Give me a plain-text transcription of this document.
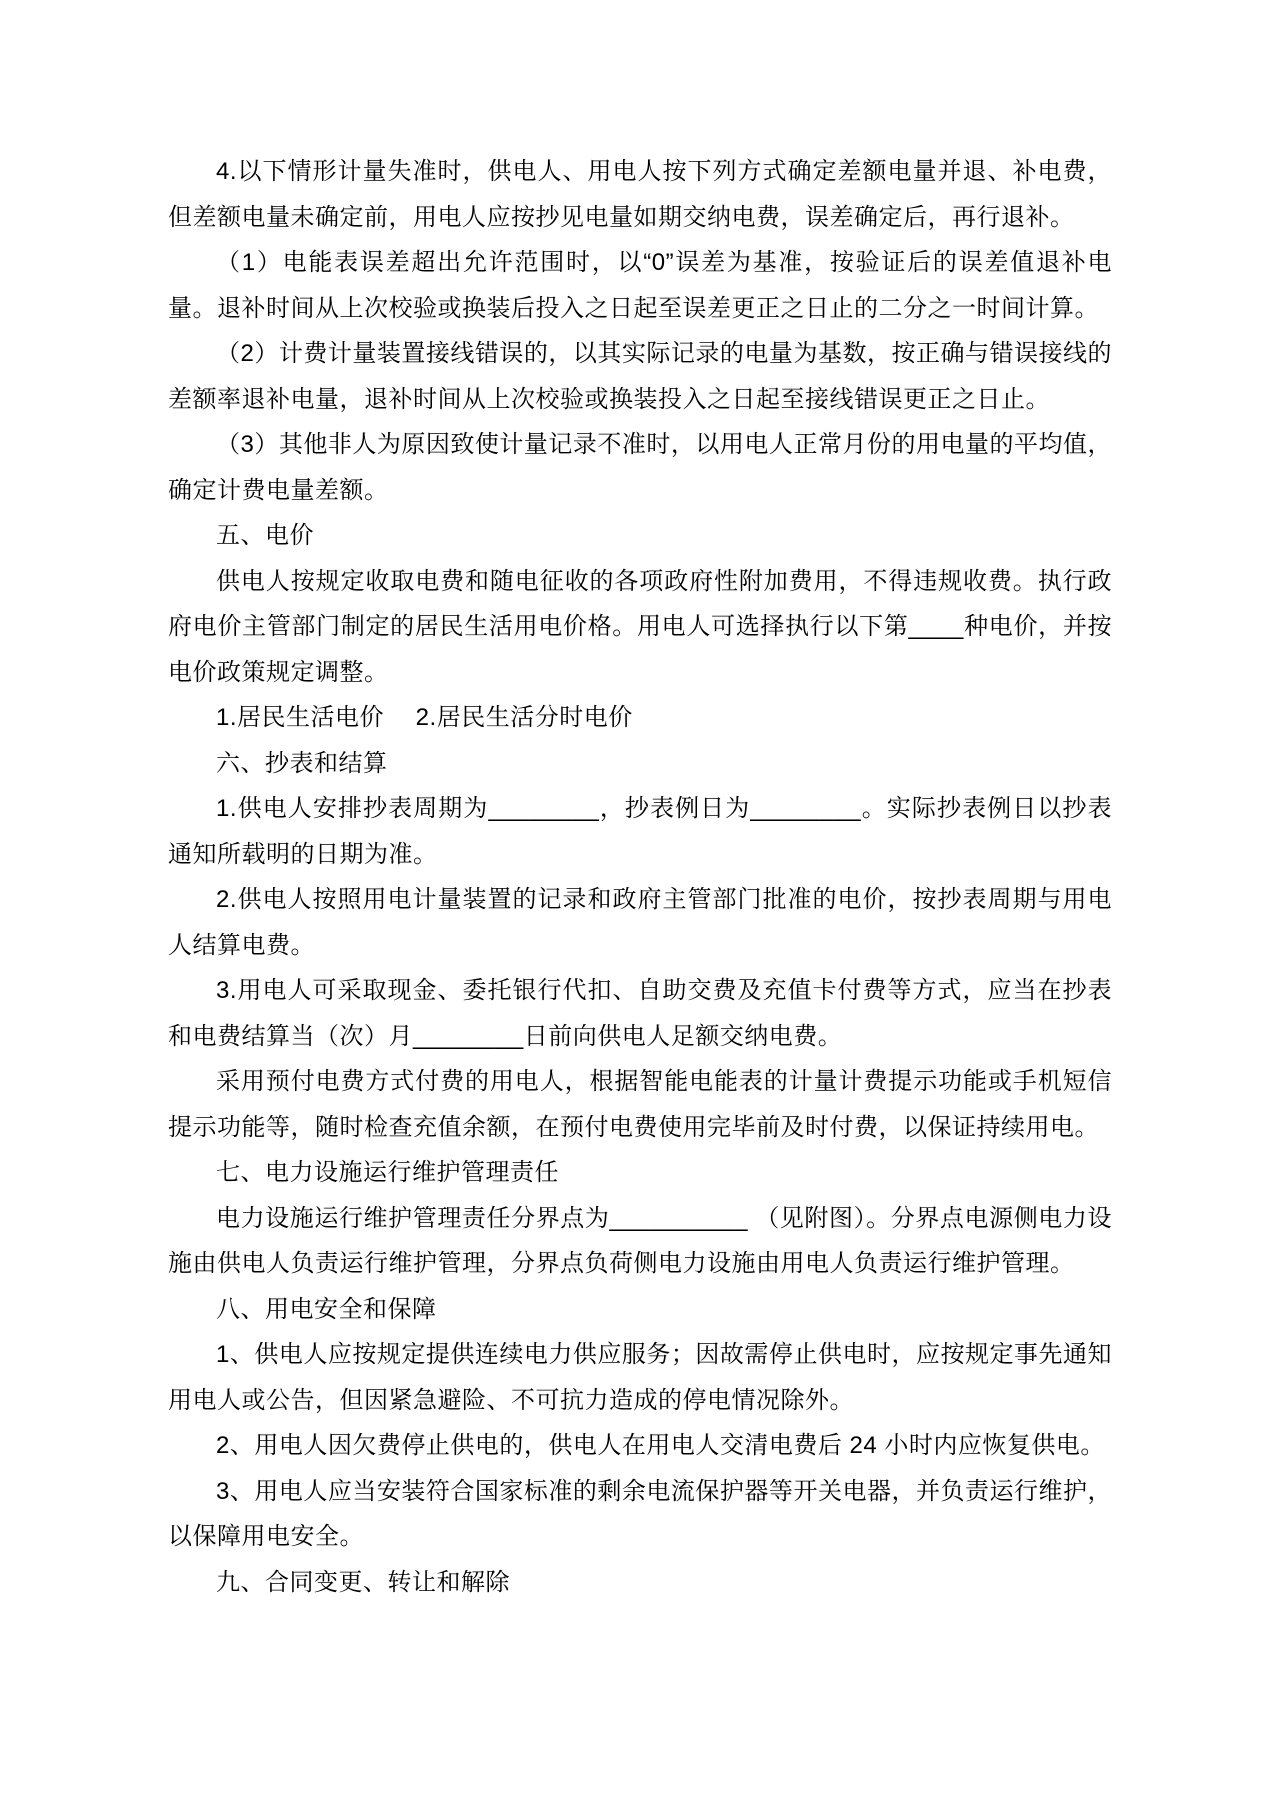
4.以下情形计量失准时，供电人、用电人按下列方式确定差额电量并退、补电费，但差额电量未确定前，用电人应按抄见电量如期交纳电费，误差确定后，再行退补。

（1）电能表误差超出允许范围时，以“0”误差为基准，按验证后的误差值退补电量。退补时间从上次校验或换装后投入之日起至误差更正之日止的二分之一时间计算。

（2）计费计量装置接线错误的，以其实际记录的电量为基数，按正确与错误接线的差额率退补电量，退补时间从上次校验或换装投入之日起至接线错误更正之日止。

（3）其他非人为原因致使计量记录不准时，以用电人正常月份的用电量的平均值，确定计费电量差额。

五、电价

供电人按规定收取电费和随电征收的各项政府性附加费用，不得违规收费。执行政府电价主管部门制定的居民生活用电价格。用电人可选择执行以下第____种电价，并按电价政策规定调整。

1.居民生活电价　 2.居民生活分时电价

六、抄表和结算

1.供电人安排抄表周期为________，抄表例日为________。实际抄表例日以抄表通知所载明的日期为准。

2.供电人按照用电计量装置的记录和政府主管部门批准的电价，按抄表周期与用电人结算电费。

3.用电人可采取现金、委托银行代扣、自助交费及充值卡付费等方式，应当在抄表和电费结算当（次）月________日前向供电人足额交纳电费。

采用预付电费方式付费的用电人，根据智能电能表的计量计费提示功能或手机短信提示功能等，随时检查充值余额，在预付电费使用完毕前及时付费，以保证持续用电。

七、电力设施运行维护管理责任

电力设施运行维护管理责任分界点为__________ （见附图）。分界点电源侧电力设施由供电人负责运行维护管理，分界点负荷侧电力设施由用电人负责运行维护管理。

八、用电安全和保障

1、供电人应按规定提供连续电力供应服务；因故需停止供电时，应按规定事先通知用电人或公告，但因紧急避险、不可抗力造成的停电情况除外。

2、用电人因欠费停止供电的，供电人在用电人交清电费后 24 小时内应恢复供电。

3、用电人应当安装符合国家标准的剩余电流保护器等开关电器，并负责运行维护，以保障用电安全。

九、合同变更、转让和解除
